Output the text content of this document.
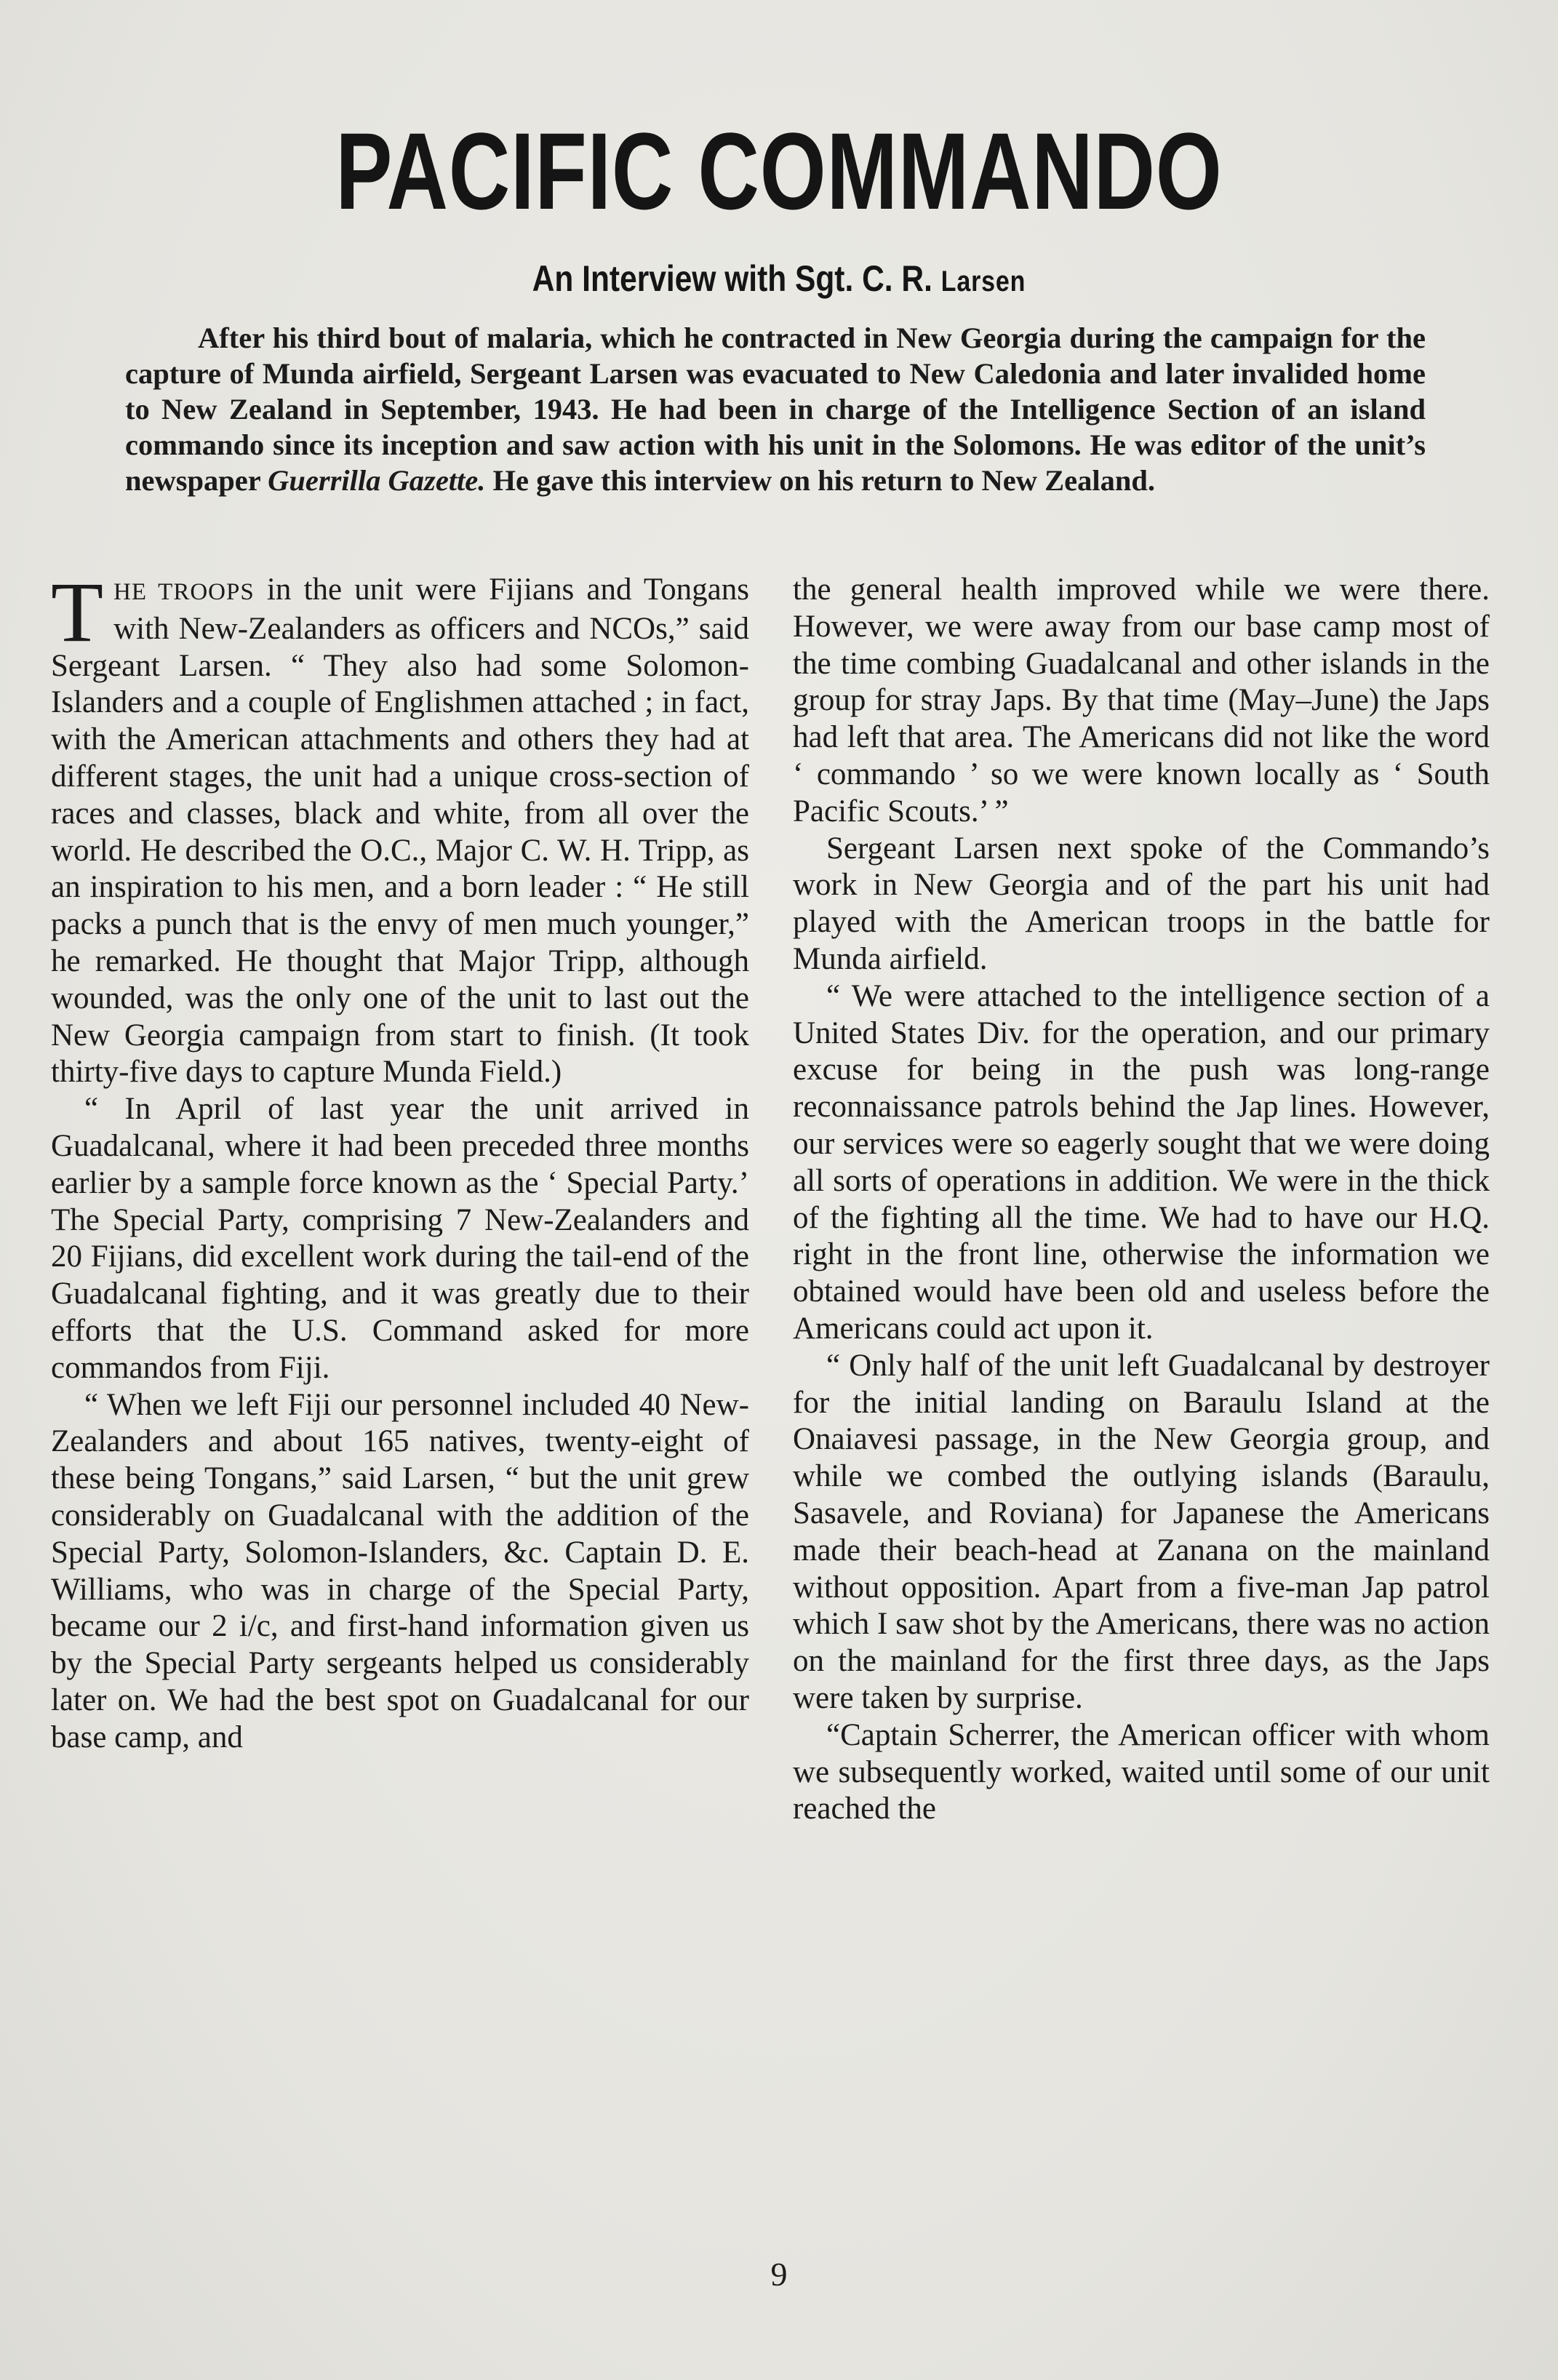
PACIFIC COMMANDO
An Interview with Sgt. C. R. Larsen

After his third bout of malaria, which he contracted in New Georgia during the campaign for the capture of Munda airfield, Sergeant Larsen was evacuated to New Caledonia and later invalided home to New Zealand in September, 1943. He had been in charge of the Intelligence Section of an island commando since its inception and saw action with his unit in the Solomons. He was editor of the unit’s newspaper Guerrilla Gazette. He gave this interview on his return to New Zealand.

THE TROOPS in the unit were Fijians and Tongans with New-Zealanders as officers and NCOs,” said Sergeant Larsen. “ They also had some Solomon-Islanders and a couple of Englishmen attached ; in fact, with the American attachments and others they had at different stages, the unit had a unique cross-section of races and classes, black and white, from all over the world. He described the O.C., Major C. W. H. Tripp, as an inspiration to his men, and a born leader : “ He still packs a punch that is the envy of men much younger,” he remarked. He thought that Major Tripp, although wounded, was the only one of the unit to last out the New Georgia campaign from start to finish. (It took thirty-five days to capture Munda Field.)

“ In April of last year the unit arrived in Guadalcanal, where it had been preceded three months earlier by a sample force known as the ‘ Special Party.’ The Special Party, comprising 7 New-Zealanders and 20 Fijians, did excellent work during the tail-end of the Guadalcanal fighting, and it was greatly due to their efforts that the U.S. Command asked for more commandos from Fiji.

“ When we left Fiji our personnel included 40 New-Zealanders and about 165 natives, twenty-eight of these being Tongans,” said Larsen, “ but the unit grew considerably on Guadalcanal with the addition of the Special Party, Solomon-Islanders, &c. Captain D. E. Williams, who was in charge of the Special Party, became our 2 i/c, and first-hand information given us by the Special Party sergeants helped us considerably later on. We had the best spot on Guadalcanal for our base camp, and

the general health improved while we were there. However, we were away from our base camp most of the time combing Guadalcanal and other islands in the group for stray Japs. By that time (May–June) the Japs had left that area. The Americans did not like the word ‘ commando ’ so we were known locally as ‘ South Pacific Scouts.’ ”

Sergeant Larsen next spoke of the Commando’s work in New Georgia and of the part his unit had played with the American troops in the battle for Munda airfield.

“ We were attached to the intelligence section of a United States Div. for the operation, and our primary excuse for being in the push was long-range reconnaissance patrols behind the Jap lines. However, our services were so eagerly sought that we were doing all sorts of operations in addition. We were in the thick of the fighting all the time. We had to have our H.Q. right in the front line, otherwise the information we obtained would have been old and useless before the Americans could act upon it.

“ Only half of the unit left Guadalcanal by destroyer for the initial landing on Baraulu Island at the Onaiavesi passage, in the New Georgia group, and while we combed the outlying islands (Baraulu, Sasavele, and Roviana) for Japanese the Americans made their beach-head at Zanana on the mainland without opposition. Apart from a five-man Jap patrol which I saw shot by the Americans, there was no action on the mainland for the first three days, as the Japs were taken by surprise.

“Captain Scherrer, the American officer with whom we subsequently worked, waited until some of our unit reached the

9
